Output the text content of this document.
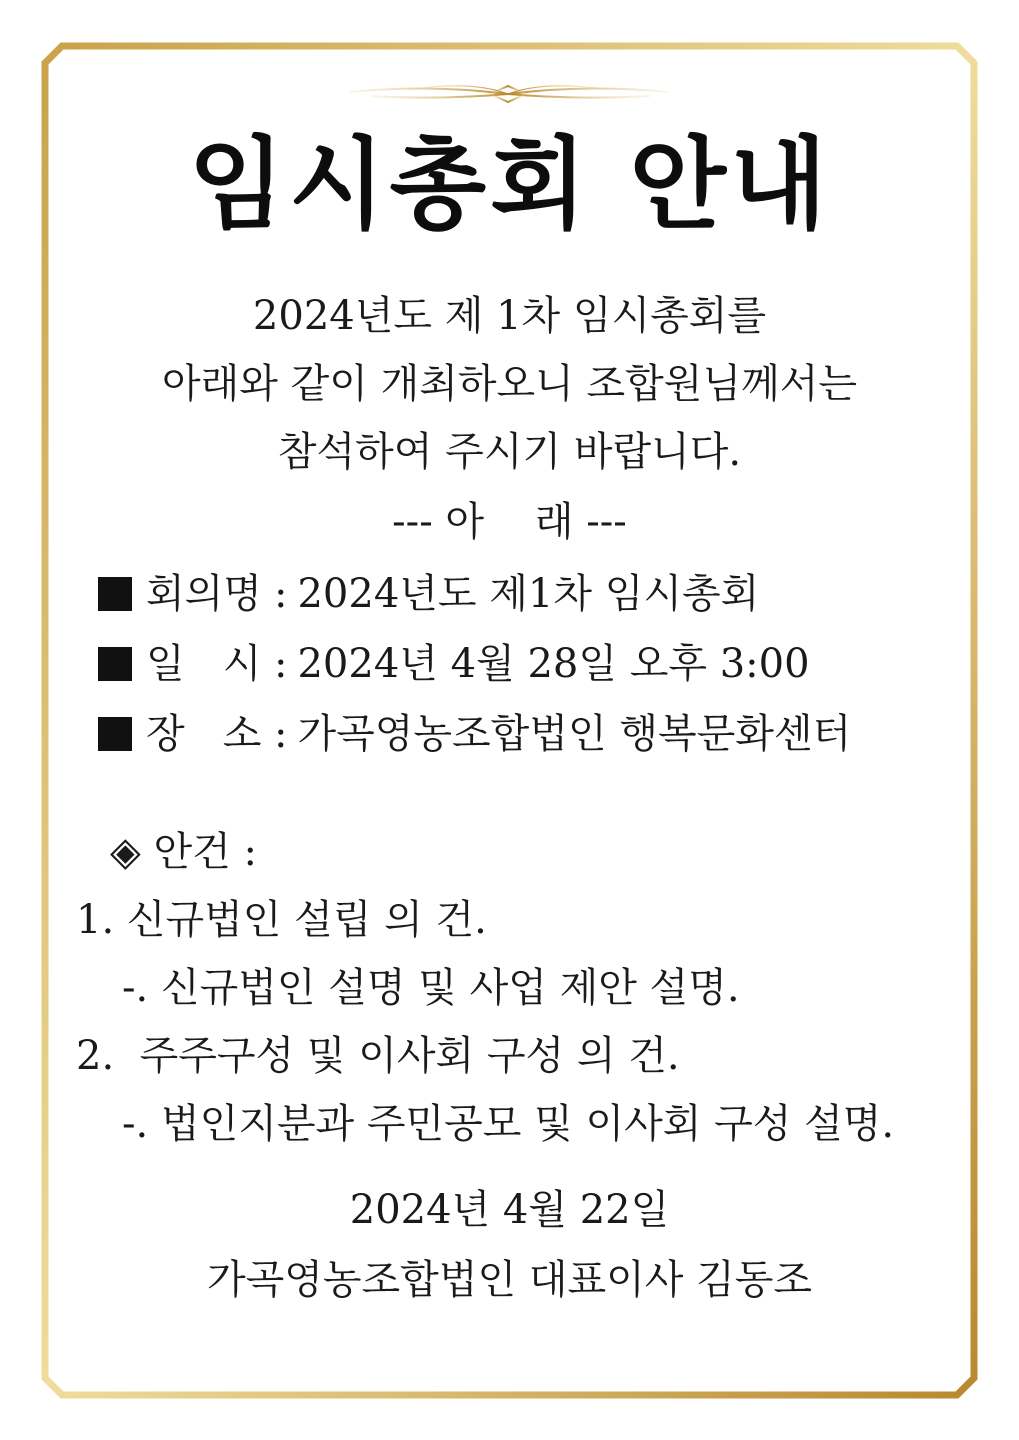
임시총회 안내

2024년도 제 1차 임시총회를

아래와 같이 개최하오니 조합원님께서는

참석하여 주시기 바랍니다.

--- 아    래 ---

회의명 : 2024년도 제1차 임시총회

일   시 : 2024년 4월 28일 오후 3:00

장   소 : 가곡영농조합법인 행복문화센터

◈ 안건 :

1. 신규법인 설립 의 건.

-. 신규법인 설명 및 사업 제안 설명.

2.  주주구성 및 이사회 구성 의 건.

-. 법인지분과 주민공모 및 이사회 구성 설명.

2024년 4월 22일

가곡영농조합법인 대표이사 김동조
